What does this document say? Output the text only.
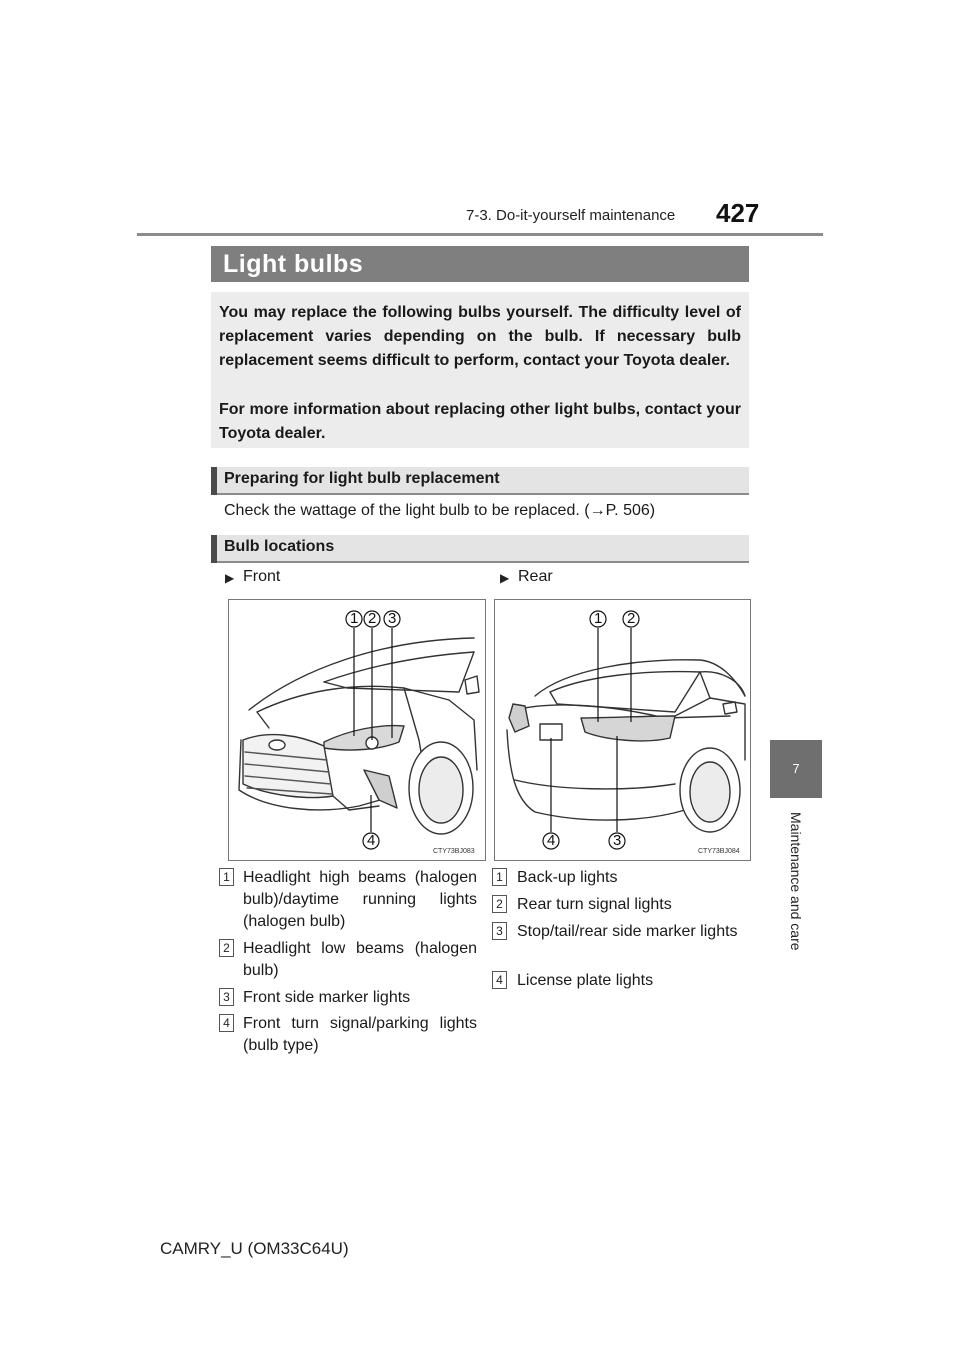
7-3. Do-it-yourself maintenance 427
Light bulbs
You may replace the following bulbs yourself. The difficulty level of replacement varies depending on the bulb. If necessary bulb replacement seems difficult to perform, contact your Toyota dealer.
For more information about replacing other light bulbs, contact your Toyota dealer.
Preparing for light bulb replacement
Check the wattage of the light bulb to be replaced. (→P. 506)
Bulb locations
▶ Front	▶ Rear
1 2 3
4
CTY73BJ083
1 2
4	3
CTY73BJ084
1 Headlight high beams (halogen bulb)/daytime running lights (halogen bulb)
2 Headlight low beams (halogen bulb)
3 Front side marker lights
4 Front turn signal/parking lights (bulb type)
1 Back-up lights
2 Rear turn signal lights
3 Stop/tail/rear side marker lights
4 License plate lights
7
Maintenance and care
CAMRY_U (OM33C64U)
